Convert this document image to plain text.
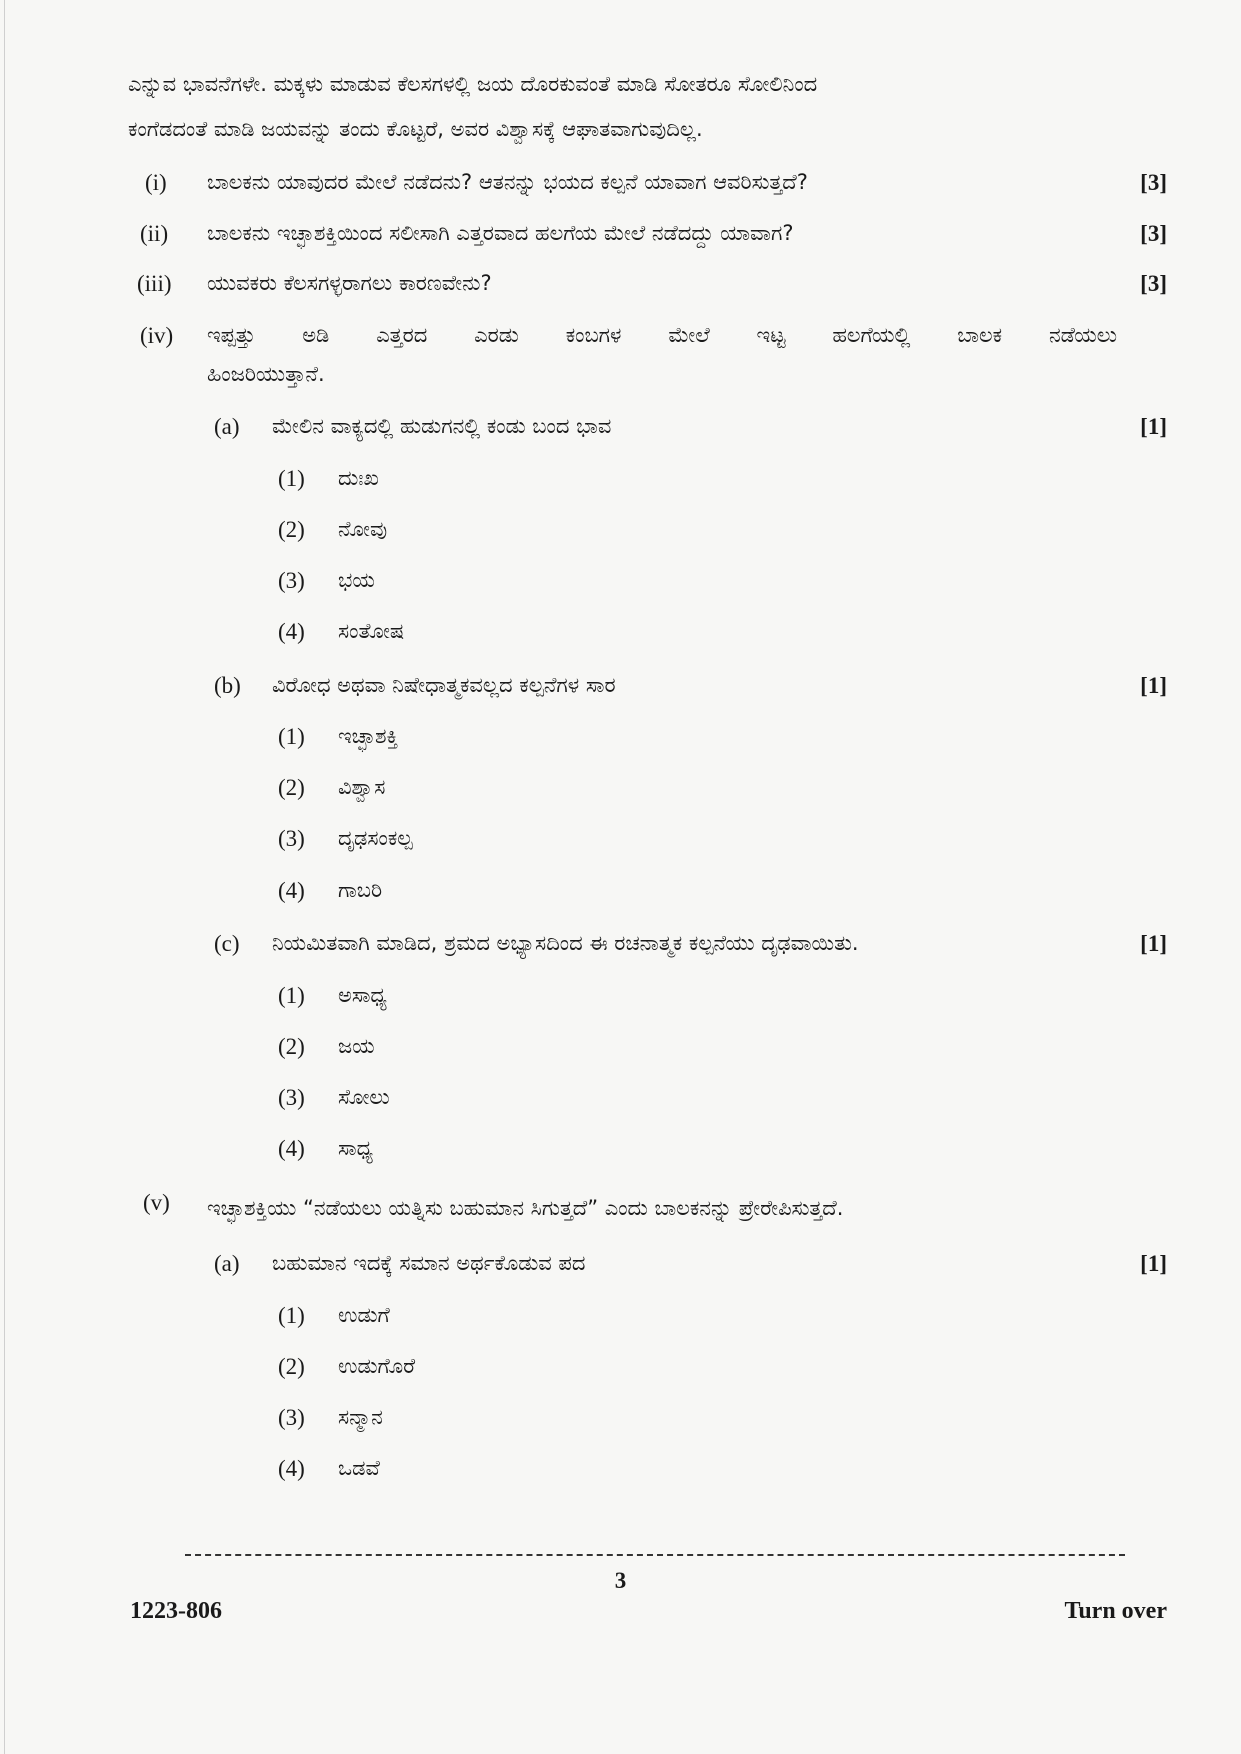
ಎನ್ನುವ ಭಾವನೆಗಳೇ. ಮಕ್ಕಳು ಮಾಡುವ ಕೆಲಸಗಳಲ್ಲಿ ಜಯ ದೊರಕುವಂತೆ ಮಾಡಿ ಸೋತರೂ ಸೋಲಿನಿಂದ
ಕಂಗೆಡದಂತೆ ಮಾಡಿ ಜಯವನ್ನು ತಂದು ಕೊಟ್ಟರೆ, ಅವರ ವಿಶ್ವಾಸಕ್ಕೆ ಆಘಾತವಾಗುವುದಿಲ್ಲ.
(i) ಬಾಲಕನು ಯಾವುದರ ಮೇಲೆ ನಡೆದನು? ಆತನನ್ನು ಭಯದ ಕಲ್ಪನೆ ಯಾವಾಗ ಆವರಿಸುತ್ತದೆ?	[3]
(ii) ಬಾಲಕನು ಇಚ್ಛಾಶಕ್ತಿಯಿಂದ ಸಲೀಸಾಗಿ ಎತ್ತರವಾದ ಹಲಗೆಯ ಮೇಲೆ ನಡೆದದ್ದು ಯಾವಾಗ?	[3]
(iii) ಯುವಕರು ಕೆಲಸಗಳ್ಳರಾಗಲು ಕಾರಣವೇನು?	[3]
(iv) ಇಪ್ಪತ್ತು ಅಡಿ ಎತ್ತರದ ಎರಡು ಕಂಬಗಳ ಮೇಲೆ ಇಟ್ಟ ಹಲಗೆಯಲ್ಲಿ ಬಾಲಕ ನಡೆಯಲು
ಹಿಂಜರಿಯುತ್ತಾನೆ.
(a) ಮೇಲಿನ ವಾಕ್ಯದಲ್ಲಿ ಹುಡುಗನಲ್ಲಿ ಕಂಡು ಬಂದ ಭಾವ	[1]
(1) ದುಃಖ
(2) ನೋವು
(3) ಭಯ
(4) ಸಂತೋಷ
(b) ವಿರೋಧ ಅಥವಾ ನಿಷೇಧಾತ್ಮಕವಲ್ಲದ ಕಲ್ಪನೆಗಳ ಸಾರ	[1]
(1) ಇಚ್ಛಾಶಕ್ತಿ
(2) ವಿಶ್ವಾಸ
(3) ದೃಢಸಂಕಲ್ಪ
(4) ಗಾಬರಿ
(c) ನಿಯಮಿತವಾಗಿ ಮಾಡಿದ, ಶ್ರಮದ ಅಭ್ಯಾಸದಿಂದ ಈ ರಚನಾತ್ಮಕ ಕಲ್ಪನೆಯು ದೃಢವಾಯಿತು.	[1]
(1) ಅಸಾಧ್ಯ
(2) ಜಯ
(3) ಸೋಲು
(4) ಸಾಧ್ಯ
(v) ಇಚ್ಛಾಶಕ್ತಿಯು “ನಡೆಯಲು ಯತ್ನಿಸು ಬಹುಮಾನ ಸಿಗುತ್ತದೆ” ಎಂದು ಬಾಲಕನನ್ನು ಪ್ರೇರೇಪಿಸುತ್ತದೆ.
(a) ಬಹುಮಾನ ಇದಕ್ಕೆ ಸಮಾನ ಅರ್ಥಕೊಡುವ ಪದ	[1]
(1) ಉಡುಗೆ
(2) ಉಡುಗೊರೆ
(3) ಸನ್ಮಾನ
(4) ಒಡವೆ
3
1223-806	Turn over
